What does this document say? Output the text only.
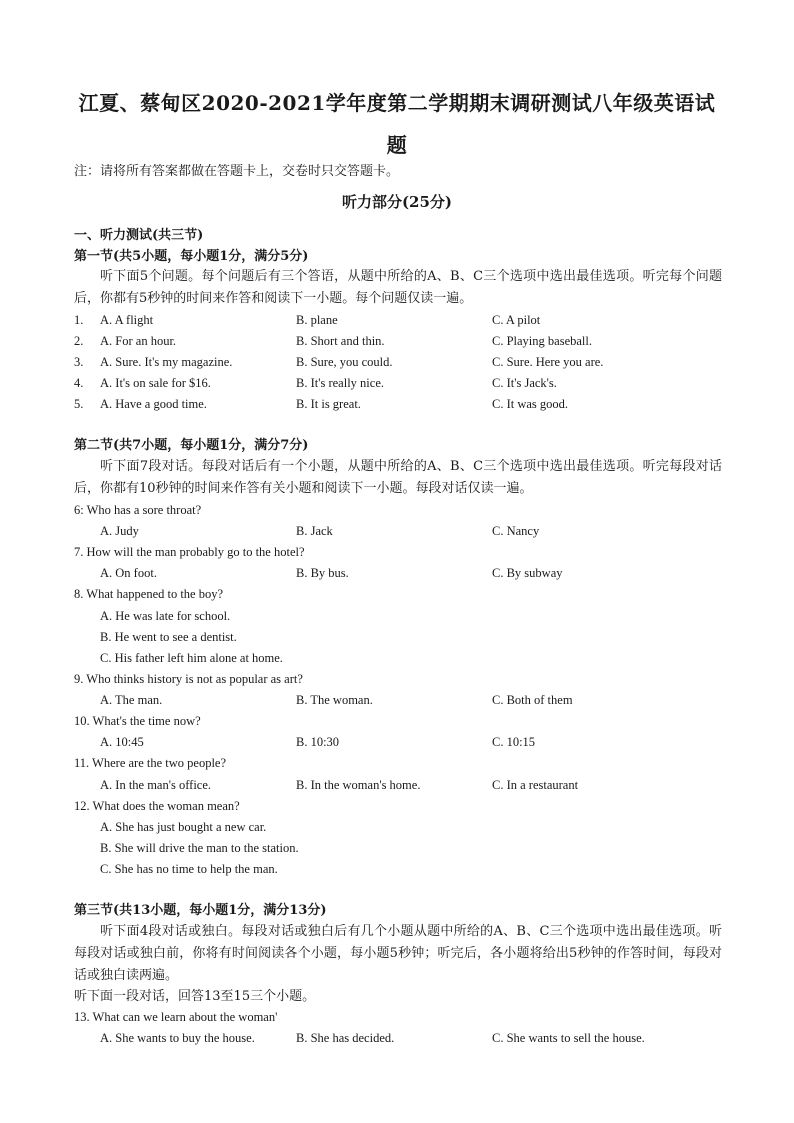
江夏、蔡甸区2020-2021学年度第二学期期末调研测试八年级英语试
题
注：请将所有答案都做在答题卡上，交卷时只交答题卡。
听力部分(25分)
一、听力测试(共三节)
第一节(共5小题，每小题1分，满分5分)
听下面5个问题。每个问题后有三个答语，从题中所给的A、B、C三个选项中选出最佳选项。听完每个问题后，你都有5秒钟的时间来作答和阅读下一小题。每个问题仅读一遍。
1. A. A flight	B. plane	C. A pilot
2. A. For an hour.	B. Short and thin.	C. Playing baseball.
3. A. Sure. It's my magazine.	B. Sure, you could.	C. Sure. Here you are.
4. A. It's on sale for $16.	B. It's really nice.	C. It's Jack's.
5. A. Have a good time.	B. It is great.	C. It was good.
第二节(共7小题，每小题1分，满分7分)
听下面7段对话。每段对话后有一个小题，从题中所给的A、B、C三个选项中选出最佳选项。听完每段对话后，你都有10秒钟的时间来作答有关小题和阅读下一小题。每段对话仅读一遍。
6: Who has a sore throat?
A. Judy	B. Jack	C. Nancy
7. How will the man probably go to the hotel?
A. On foot.	B. By bus.	C. By subway
8. What happened to the boy?
A. He was late for school.
B. He went to see a dentist.
C. His father left him alone at home.
9. Who thinks history is not as popular as art?
A. The man.	B. The woman.	C. Both of them
10. What's the time now?
A. 10:45	B. 10:30	C. 10:15
11. Where are the two people?
A. In the man's office.	B. In the woman's home.	C. In a restaurant
12. What does the woman mean?
A. She has just bought a new car.
B. She will drive the man to the station.
C. She has no time to help the man.
第三节(共13小题，每小题1分，满分13分)
听下面4段对话或独白。每段对话或独白后有几个小题从题中所给的A、B、C三个选项中选出最佳选项。听每段对话或独白前，你将有时间阅读各个小题，每小题5秒钟；听完后，各小题将给出5秒钟的作答时间，每段对话或独白读两遍。
听下面一段对话，回答13至15三个小题。
13. What can we learn about the woman'
A. She wants to buy the house.	B. She has decided.	C. She wants to sell the house.
